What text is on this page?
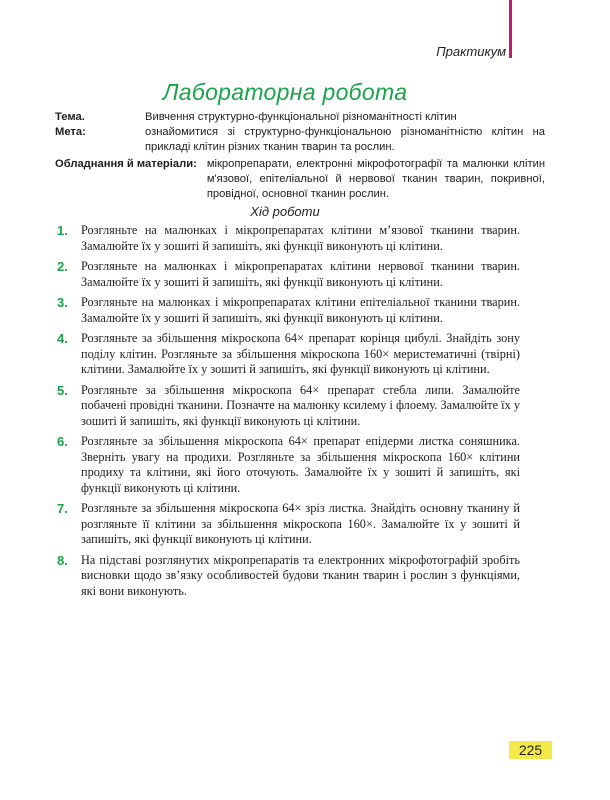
Практикум
Лабораторна робота
Тема.	Вивчення структурно-функціональної різноманітності клітин
Мета:	ознайомитися зі структурно-функціональною різноманітністю клітин на прикладі клітин різних тканин тварин та рослин.
Обладнання й матеріали: мікропрепарати, електронні мікрофотографії та малюнки клітин м'язової, епітеліальної й нервової тканин тварин, покривної, провідної, основної тканин рослин.
Хід роботи
1.	Розгляньте на малюнках і мікропрепаратах клітини м’язової тканини тварин. Замалюйте їх у зошиті й запишіть, які функції виконують ці клітини.
2.	Розгляньте на малюнках і мікропрепаратах клітини нервової тканини тварин. Замалюйте їх у зошиті й запишіть, які функції виконують ці клітини.
3.	Розгляньте на малюнках і мікропрепаратах клітини епітеліальної тканини тварин. Замалюйте їх у зошиті й запишіть, які функції виконують ці клітини.
4.	Розгляньте за збільшення мікроскопа 64× препарат корінця цибулі. Знайдіть зону поділу клітин. Розгляньте за збільшення мікроскопа 160× меристематичні (твірні) клітини. Замалюйте їх у зошиті й запишіть, які функції виконують ці клітини.
5.	Розгляньте за збільшення мікроскопа 64× препарат стебла липи. Замалюйте побачені провідні тканини. Позначте на малюнку ксилему і флоему. Замалюйте їх у зошиті й запишіть, які функції виконують ці клітини.
6.	Розгляньте за збільшення мікроскопа 64× препарат епідерми листка соняшника. Зверніть увагу на продихи. Розгляньте за збільшення мікроскопа 160× клітини продиху та клітини, які його оточують. Замалюйте їх у зошиті й запишіть, які функції виконують ці клітини.
7.	Розгляньте за збільшення мікроскопа 64× зріз листка. Знайдіть основну тканину й розгляньте її клітини за збільшення мікроскопа 160×. Замалюйте їх у зошиті й запишіть, які функції виконують ці клітини.
8.	На підставі розглянутих мікропрепаратів та електронних мікрофотографій зробіть висновки щодо зв’язку особливостей будови тканин тварин і рослин з функціями, які вони виконують.
225
